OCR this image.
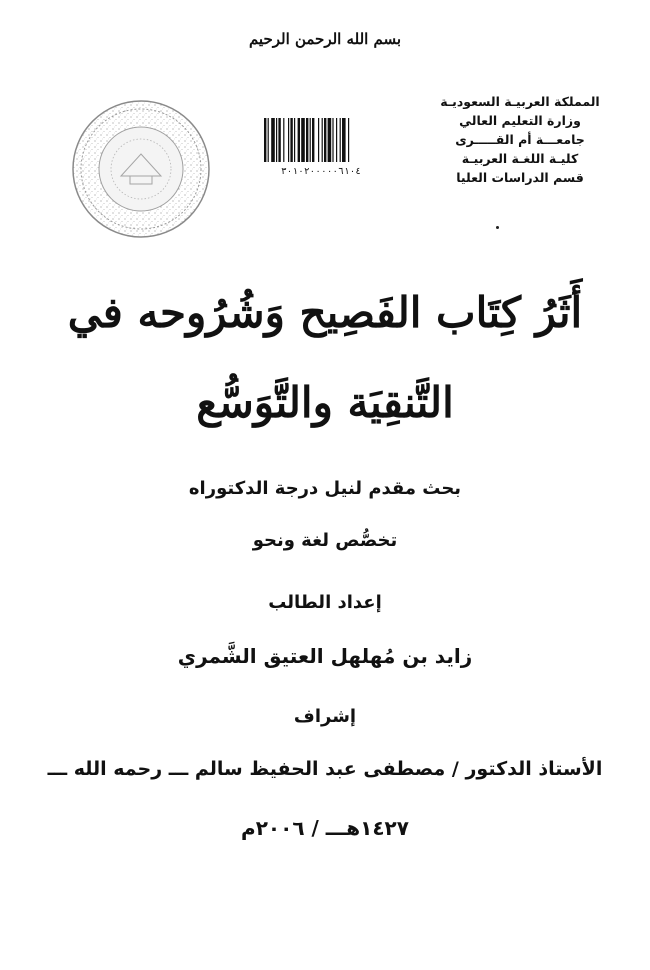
بسم الله الرحمن الرحيم
المملكة العربيـة السعوديـة
وزارة التعليم العالي
جامعـــة أم القـــــرى
كليـة اللغـة العربيـة
قسم الدراسات العليا
٣٠١٠٢٠٠٠٠٠٦١٠٤
أَثَرُ كِتَاب الفَصِيح وَشُرُوحه في
التَّنقِيَة والتَّوَسُّع
بحث مقدم لنيل درجة الدكتوراه
تخصُّص لغة ونحو
إعداد الطالب
زايد بن مُهلهل العتيق الشَّمري
إشراف
الأستاذ الدكتور / مصطفى عبد الحفيظ سالم ـــ رحمه الله ـــ
١٤٢٧هـــ / ٢٠٠٦م
